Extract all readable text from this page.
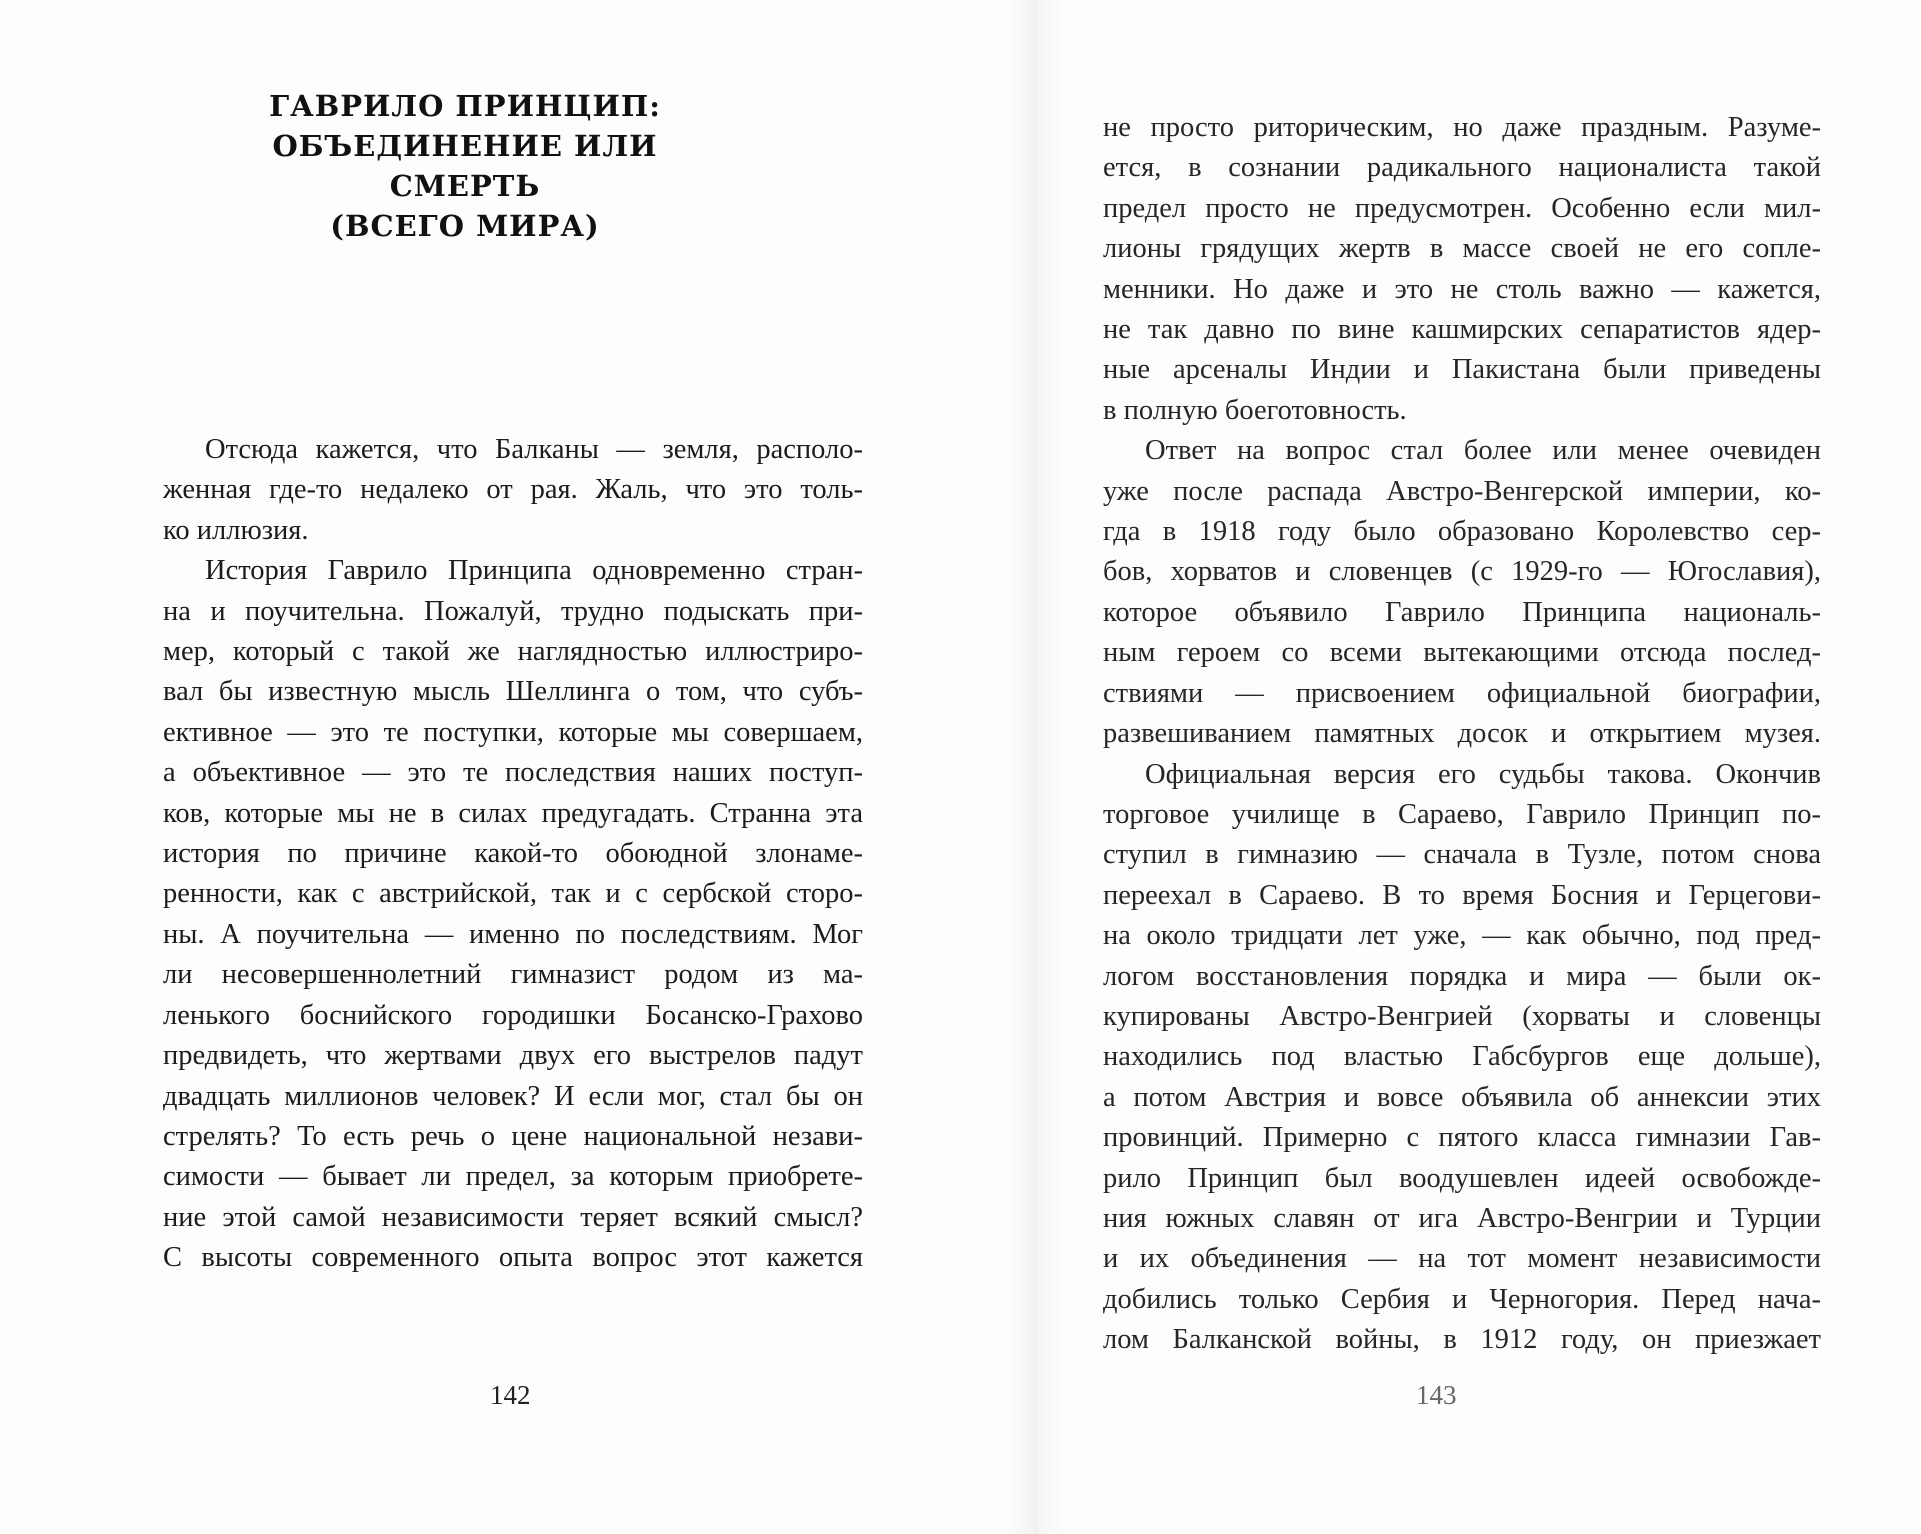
ГАВРИЛО ПРИНЦИП:
ОБЪЕДИНЕНИЕ ИЛИ СМЕРТЬ
(ВСЕГО МИРА)
Отсюда кажется, что Балканы — земля, располо-
женная где-то недалеко от рая. Жаль, что это толь-
ко иллюзия.
История Гаврило Принципа одновременно стран-
на и поучительна. Пожалуй, трудно подыскать при-
мер, который с такой же наглядностью иллюстриро-
вал бы известную мысль Шеллинга о том, что субъ-
ективное — это те поступки, которые мы совершаем,
а объективное — это те последствия наших поступ-
ков, которые мы не в силах предугадать. Странна эта
история по причине какой-то обоюдной злонаме-
ренности, как с австрийской, так и с сербской сторо-
ны. А поучительна — именно по последствиям. Мог
ли несовершеннолетний гимназист родом из ма-
ленького боснийского городишки Босанско-Грахово
предвидеть, что жертвами двух его выстрелов падут
двадцать миллионов человек? И если мог, стал бы он
стрелять? То есть речь о цене национальной незави-
симости — бывает ли предел, за которым приобрете-
ние этой самой независимости теряет всякий смысл?
С высоты современного опыта вопрос этот кажется

142

не просто риторическим, но даже праздным. Разуме-
ется, в сознании радикального националиста такой
предел просто не предусмотрен. Особенно если мил-
лионы грядущих жертв в массе своей не его сопле-
менники. Но даже и это не столь важно — кажется,
не так давно по вине кашмирских сепаратистов ядер-
ные арсеналы Индии и Пакистана были приведены
в полную боеготовность.
Ответ на вопрос стал более или менее очевиден
уже после распада Австро-Венгерской империи, ко-
гда в 1918 году было образовано Королевство сер-
бов, хорватов и словенцев (с 1929-го — Югославия),
которое объявило Гаврило Принципа националь-
ным героем со всеми вытекающими отсюда послед-
ствиями — присвоением официальной биографии,
развешиванием памятных досок и открытием музея.
Официальная версия его судьбы такова. Окончив
торговое училище в Сараево, Гаврило Принцип по-
ступил в гимназию — сначала в Тузле, потом снова
переехал в Сараево. В то время Босния и Герцегови-
на около тридцати лет уже, — как обычно, под пред-
логом восстановления порядка и мира — были ок-
купированы Австро-Венгрией (хорваты и словенцы
находились под властью Габсбургов еще дольше),
а потом Австрия и вовсе объявила об аннексии этих
провинций. Примерно с пятого класса гимназии Гав-
рило Принцип был воодушевлен идеей освобожде-
ния южных славян от ига Австро-Венгрии и Турции
и их объединения — на тот момент независимости
добились только Сербия и Черногория. Перед нача-
лом Балканской войны, в 1912 году, он приезжает

143
